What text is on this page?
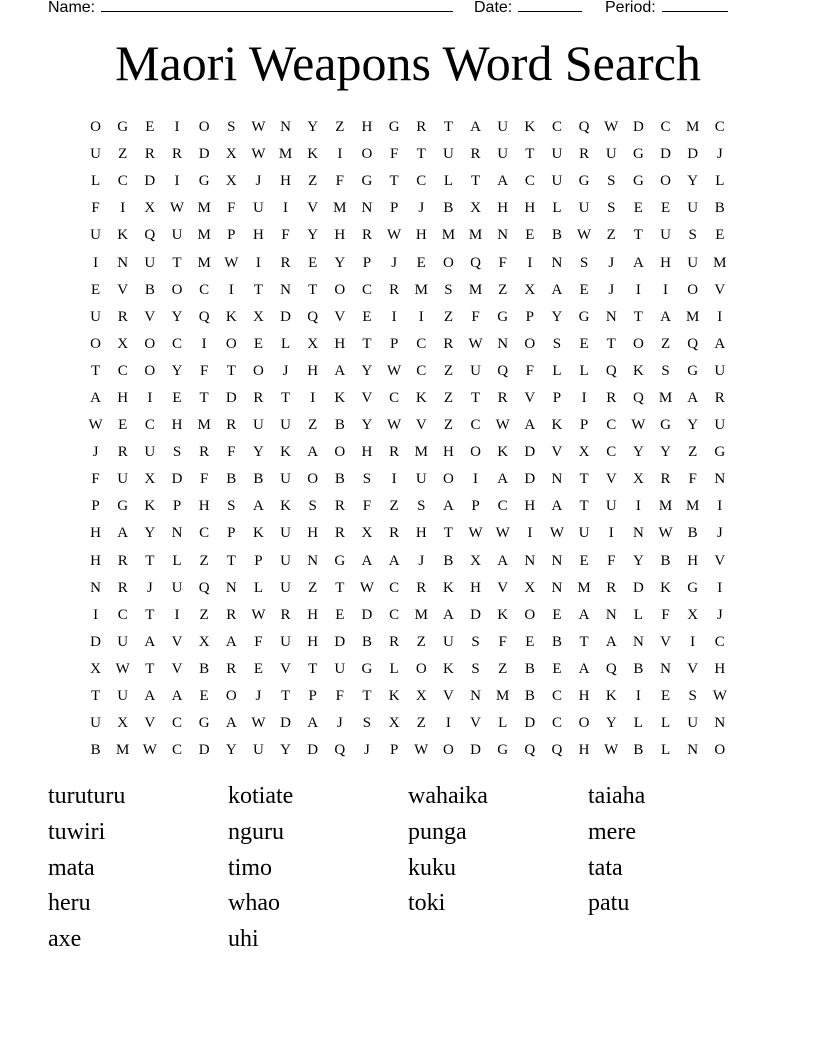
Name:	Date:	Period:
Maori Weapons Word Search
O	G	E	I	O	S	W N	Y	Z	H	G	R	T	A	U	K	C	Q W D	C	M	C
U	Z	R	R	D	X W M	K	I	O	F	T	U	R	U	T	U	R	U	G	D	D	J
L	C	D	I	G	X	J	H	Z	F	G	T	C	L	T	A	C	U	G	S	G	O	Y	L
F	I	X W M	F	U	I	V	M	N	P	J	B	X	H	H	L	U	S	E	E	U	B
U	K	Q	U	M	P	H	F	Y	H	R	W H	M M	N	E	B	W	Z	T	U	S	E
I	N	U	T	M W	I	R	E	Y	P	J	E	O	Q	F	I	N	S	J	A	H	U	M
E	V	B	O	C	I	T	N	T	O	C	R	M	S	M	Z	X	A	E	J	I	I	O	V
U	R	V	Y	Q	K	X	D	Q	V	E	I	I	Z	F	G	P	Y	G	N	T	A	M	I
O	X	O	C	I	O	E	L	X	H	T	P	C	R	W N	O	S	E	T	O	Z	Q	A
T	C	O	Y	F	T	O	J	H	A	Y W	C	Z	U	Q	F	L	L	Q	K	S	G	U
A	H	I	E	T	D	R	T	I	K	V	C	K	Z	T	R	V	P	I	R	Q	M	A	R
W	E	C	H	M	R	U	U	Z	B	Y W V	Z	C	W A	K	P	C	W G	Y	U
J	R	U	S	R	F	Y	K	A	O	H	R	M	H	O	K	D	V	X	C	Y	Y	Z	G
F	U	X	D	F	B	B	U	O	B	S	I	U	O	I	A	D	N	T	V	X	R	F	N
P	G	K	P	H	S	A	K	S	R	F	Z	S	A	P	C	H	A	T	U	I	M M	I
H	A	Y	N	C	P	K	U	H	R	X	R	H	T	W W	I	W U	I	N W	B	J
H	R	T	L	Z	T	P	U	N	G	A	A	J	B	X	A	N	N	E	F	Y	B	H	V
N	R	J	U	Q	N	L	U	Z	T	W	C	R	K	H	V	X	N	M	R	D	K	G	I
I	C	T	I	Z	R	W	R	H	E	D	C	M	A	D	K	O	E	A	N	L	F	X	J
D	U	A	V	X	A	F	U	H	D	B	R	Z	U	S	F	E	B	T	A	N	V	I	C
X W	T	V	B	R	E	V	T	U	G	L	O	K	S	Z	B	E	A	Q	B	N	V	H
T	U	A	A	E	O	J	T	P	F	T	K	X	V	N	M	B	C	H	K	I	E	S	W
U	X	V	C	G	A W D	A	J	S	X	Z	I	V	L	D	C	O	Y	L	L	U	N
B	M W	C	D	Y	U	Y	D	Q	J	P	W O	D	G	Q	Q	H W	B	L	N	O
turuturu	kotiate	wahaika	taiaha
tuwiri	nguru	punga	mere
mata	timo	kuku	tata
heru	whao	toki	patu
axe	uhi
